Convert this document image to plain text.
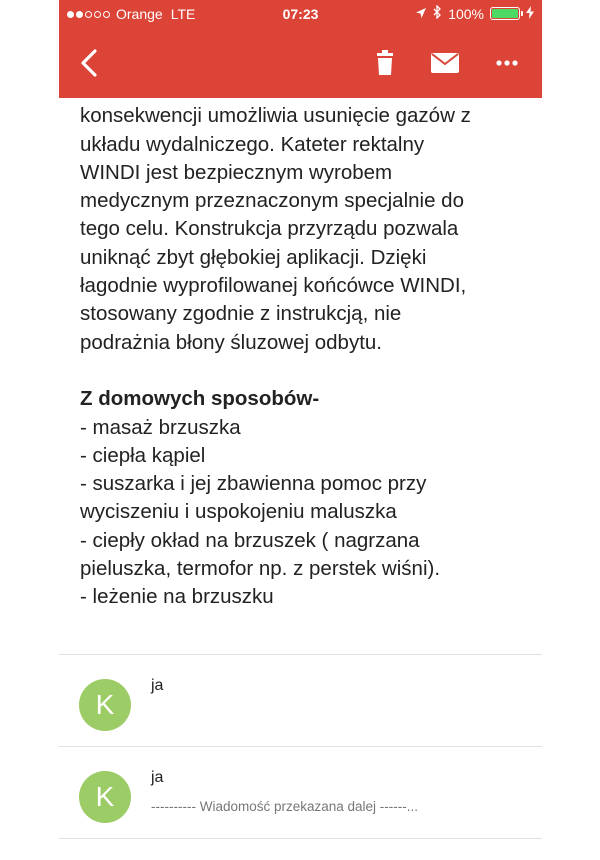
konsekwencji umożliwia usunięcie gazów z
układu wydalniczego. Kateter rektalny
WINDI jest bezpiecznym wyrobem
medycznym przeznaczonym specjalnie do
tego celu. Konstrukcja przyrządu pozwala
uniknąć zbyt głębokiej aplikacji. Dzięki
łagodnie wyprofilowanej końcówce WINDI,
stosowany zgodnie z instrukcją, nie
podrażnia błony śluzowej odbytu.
Z domowych sposobów-
- masaż brzuszka
- ciepła kąpiel
- suszarka i jej zbawienna pomoc przy
wyciszeniu i uspokojeniu maluszka
- ciepły okład na brzuszek ( nagrzana
pieluszka, termofor np. z perstek wiśni).
- leżenie na brzuszku
K
ja
K
ja
---------- Wiadomość przekazana dalej ------...
Orange LTE	07:23	100%
